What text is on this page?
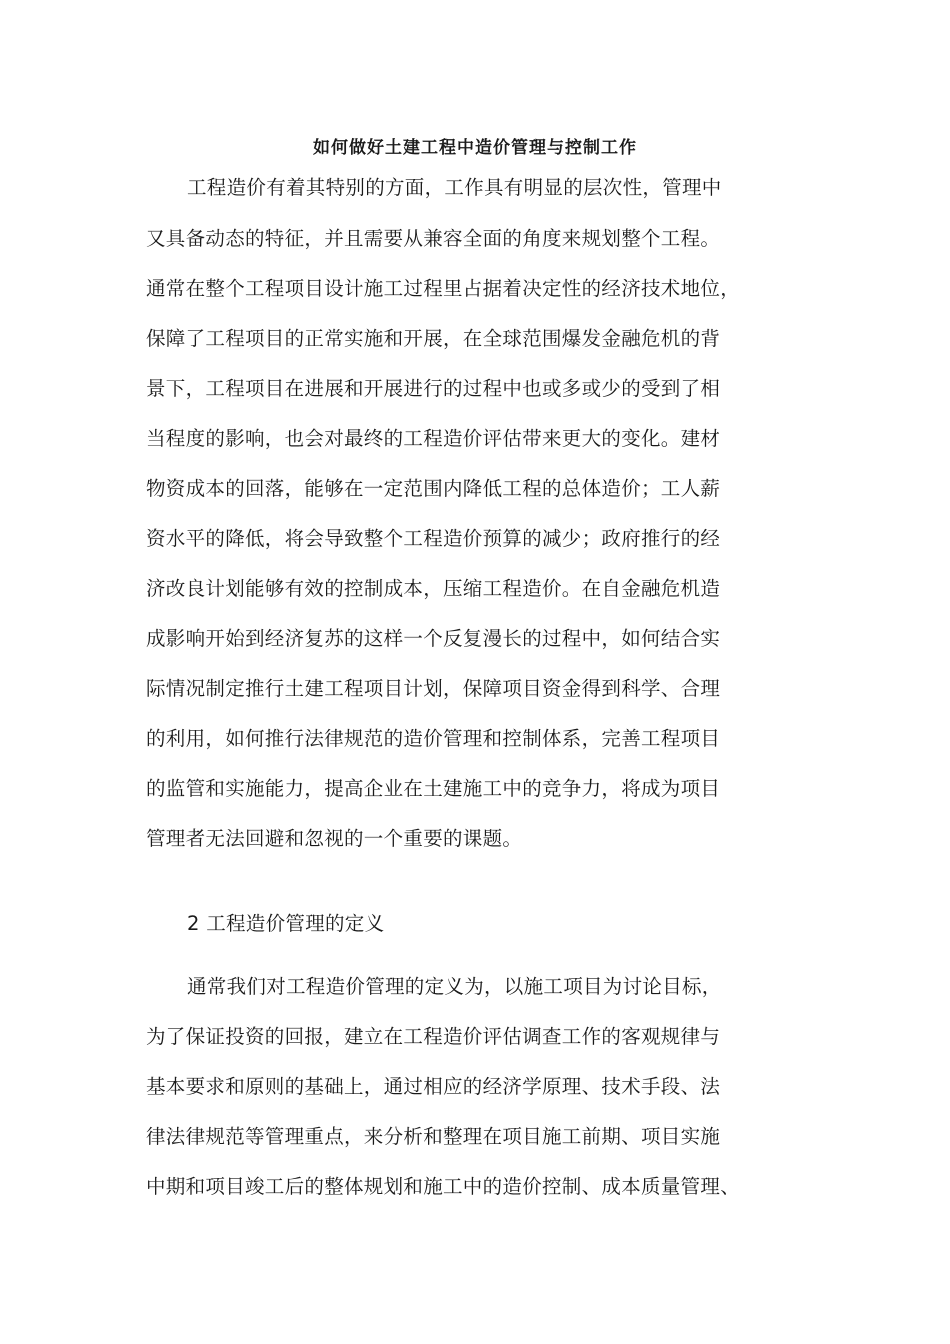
如何做好土建工程中造价管理与控制工作
工程造价有着其特别的方面，工作具有明显的层次性，管理中
又具备动态的特征，并且需要从兼容全面的角度来规划整个工程。
通常在整个工程项目设计施工过程里占据着决定性的经济技术地位，
保障了工程项目的正常实施和开展，在全球范围爆发金融危机的背
景下，工程项目在进展和开展进行的过程中也或多或少的受到了相
当程度的影响，也会对最终的工程造价评估带来更大的变化。建材
物资成本的回落，能够在一定范围内降低工程的总体造价；工人薪
资水平的降低，将会导致整个工程造价预算的减少；政府推行的经
济改良计划能够有效的控制成本，压缩工程造价。在自金融危机造
成影响开始到经济复苏的这样一个反复漫长的过程中，如何结合实
际情况制定推行土建工程项目计划，保障项目资金得到科学、合理
的利用，如何推行法律规范的造价管理和控制体系，完善工程项目
的监管和实施能力，提高企业在土建施工中的竞争力，将成为项目
管理者无法回避和忽视的一个重要的课题。
2 工程造价管理的定义
通常我们对工程造价管理的定义为，以施工项目为讨论目标，
为了保证投资的回报，建立在工程造价评估调查工作的客观规律与
基本要求和原则的基础上，通过相应的经济学原理、技术手段、法
律法律规范等管理重点，来分析和整理在项目施工前期、项目实施
中期和项目竣工后的整体规划和施工中的造价控制、成本质量管理、
